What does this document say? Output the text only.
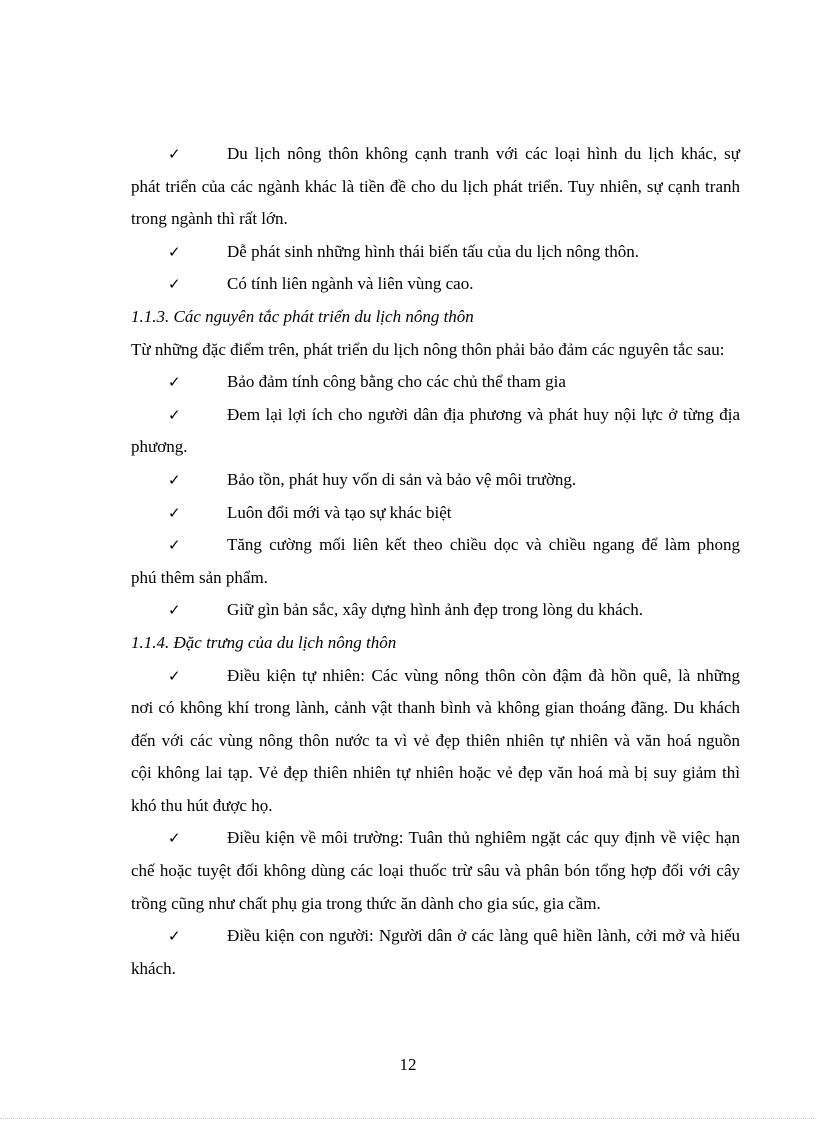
✓	Du lịch nông thôn không cạnh tranh với các loại hình du lịch khác, sự
phát triển của các ngành khác là tiền đề cho du lịch phát triển. Tuy nhiên, sự cạnh tranh
trong ngành thì rất lớn.
✓	Dễ phát sinh những hình thái biến tấu của du lịch nông thôn.
✓	Có tính liên ngành và liên vùng cao.
1.1.3. Các nguyên tắc phát triển du lịch nông thôn
Từ những đặc điểm trên, phát triển du lịch nông thôn phải bảo đảm các nguyên tắc sau:
✓	Bảo đảm tính công bằng cho các chủ thể tham gia
✓	Đem lại lợi ích cho người dân địa phương và phát huy nội lực ở từng địa
phương.
✓	Bảo tồn, phát huy vốn di sản và bảo vệ môi trường.
✓	Luôn đổi mới và tạo sự khác biệt
✓	Tăng cường mối liên kết theo chiều dọc và chiều ngang để làm phong
phú thêm sản phẩm.
✓	Giữ gìn bản sắc, xây dựng hình ảnh đẹp trong lòng du khách.
1.1.4. Đặc trưng của du lịch nông thôn
✓	Điều kiện tự nhiên: Các vùng nông thôn còn đậm đà hồn quê, là những
nơi có không khí trong lành, cảnh vật thanh bình và không gian thoáng đãng. Du khách
đến với các vùng nông thôn nước ta vì vẻ đẹp thiên nhiên tự nhiên và văn hoá nguồn
cội không lai tạp. Vẻ đẹp thiên nhiên tự nhiên hoặc vẻ đẹp văn hoá mà bị suy giảm thì
khó thu hút được họ.
✓	Điều kiện về môi trường: Tuân thủ nghiêm ngặt các quy định về việc hạn
chế hoặc tuyệt đối không dùng các loại thuốc trừ sâu và phân bón tổng hợp đối với cây
trồng cũng như chất phụ gia trong thức ăn dành cho gia súc, gia cầm.
✓	Điều kiện con người: Người dân ở các làng quê hiền lành, cởi mở và hiếu
khách.
12
